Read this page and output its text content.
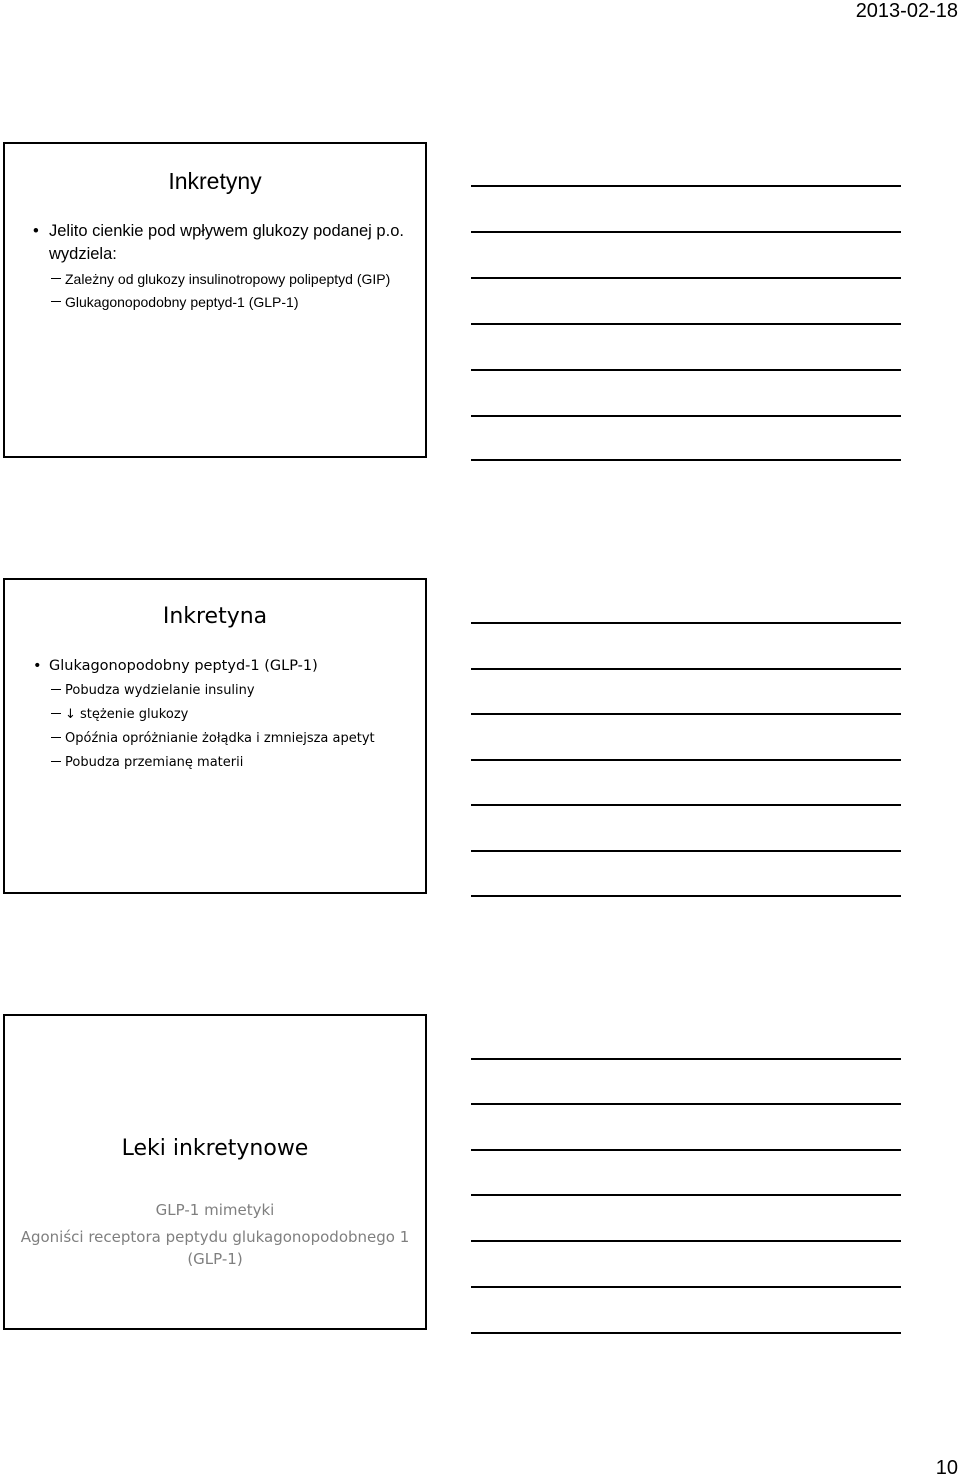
2013-02-18
Inkretyny
• Jelito cienkie pod wpływem glukozy podanej p.o. wydziela:
Zależny od glukozy insulinotropowy polipeptyd (GIP)
Glukagonopodobny peptyd-1 (GLP-1)
Inkretyna
• Glukagonopodobny peptyd-1 (GLP-1)
Pobudza wydzielanie insuliny
↓ stężenie glukozy
Opóźnia opróżnianie żołądka i zmniejsza apetyt
Pobudza przemianę materii
Leki inkretynowe
GLP-1 mimetyki
Agoniści receptora peptydu glukagonopodobnego 1 (GLP-1)
10
